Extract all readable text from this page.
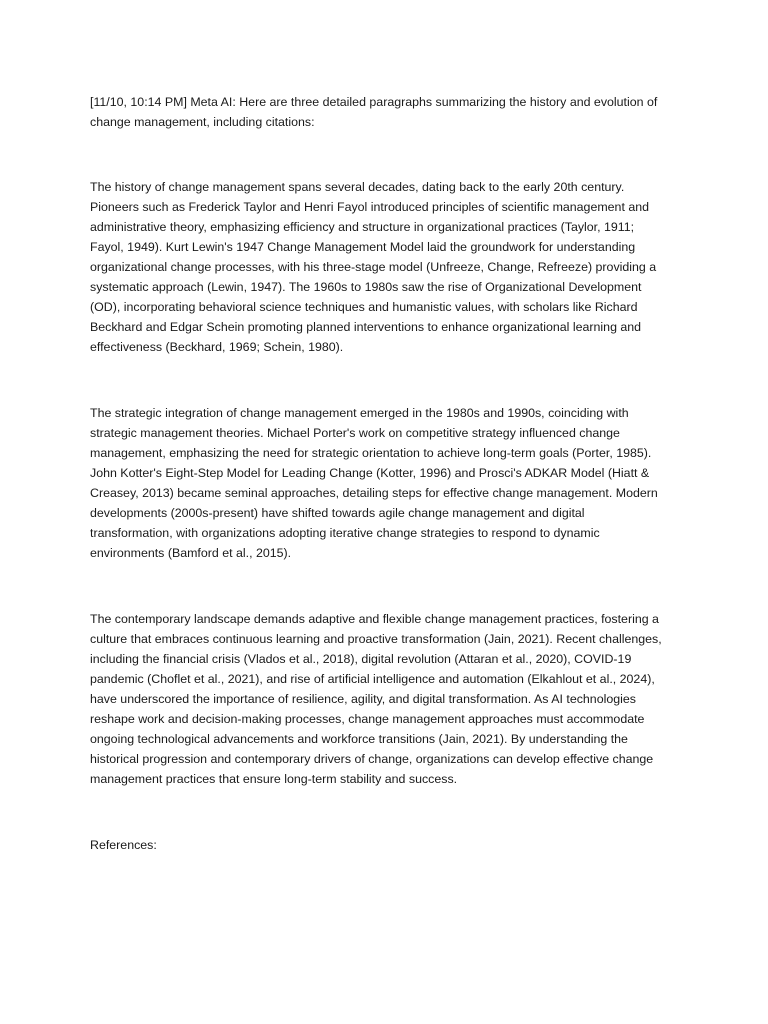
[11/10, 10:14 PM] Meta AI: Here are three detailed paragraphs summarizing the history and evolution of
change management, including citations:

The history of change management spans several decades, dating back to the early 20th century.
Pioneers such as Frederick Taylor and Henri Fayol introduced principles of scientific management and
administrative theory, emphasizing efficiency and structure in organizational practices (Taylor, 1911;
Fayol, 1949). Kurt Lewin's 1947 Change Management Model laid the groundwork for understanding
organizational change processes, with his three-stage model (Unfreeze, Change, Refreeze) providing a
systematic approach (Lewin, 1947). The 1960s to 1980s saw the rise of Organizational Development
(OD), incorporating behavioral science techniques and humanistic values, with scholars like Richard
Beckhard and Edgar Schein promoting planned interventions to enhance organizational learning and
effectiveness (Beckhard, 1969; Schein, 1980).

The strategic integration of change management emerged in the 1980s and 1990s, coinciding with
strategic management theories. Michael Porter's work on competitive strategy influenced change
management, emphasizing the need for strategic orientation to achieve long-term goals (Porter, 1985).
John Kotter's Eight-Step Model for Leading Change (Kotter, 1996) and Prosci's ADKAR Model (Hiatt &
Creasey, 2013) became seminal approaches, detailing steps for effective change management. Modern
developments (2000s-present) have shifted towards agile change management and digital
transformation, with organizations adopting iterative change strategies to respond to dynamic
environments (Bamford et al., 2015).

The contemporary landscape demands adaptive and flexible change management practices, fostering a
culture that embraces continuous learning and proactive transformation (Jain, 2021). Recent challenges,
including the financial crisis (Vlados et al., 2018), digital revolution (Attaran et al., 2020), COVID-19
pandemic (Choflet et al., 2021), and rise of artificial intelligence and automation (Elkahlout et al., 2024),
have underscored the importance of resilience, agility, and digital transformation. As AI technologies
reshape work and decision-making processes, change management approaches must accommodate
ongoing technological advancements and workforce transitions (Jain, 2021). By understanding the
historical progression and contemporary drivers of change, organizations can develop effective change
management practices that ensure long-term stability and success.

References:
